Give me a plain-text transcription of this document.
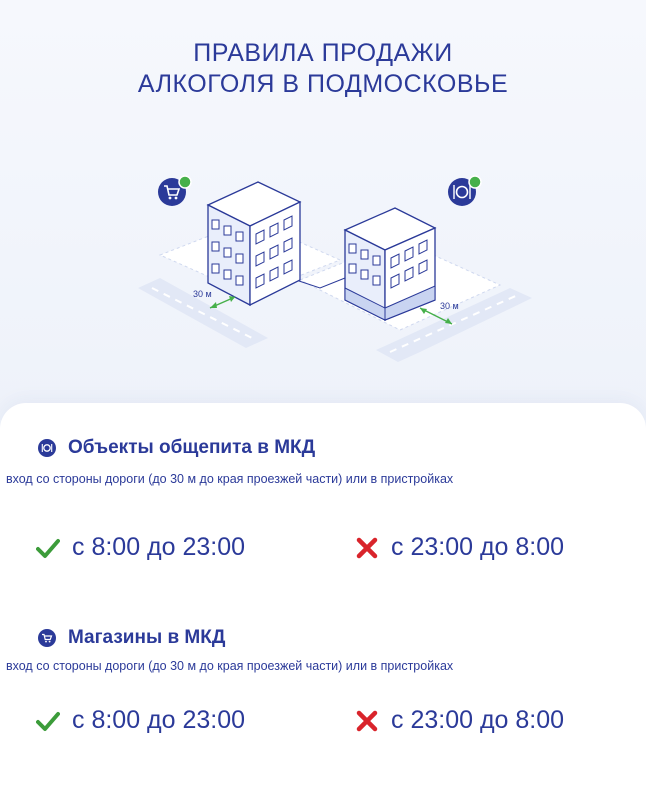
ПРАВИЛА ПРОДАЖИ
АЛКОГОЛЯ В ПОДМОСКОВЬЕ
30 м
30 м
Объекты общепита в МКД
вход со стороны дороги (до 30 м до края проезжей части) или в пристройках
с 8:00 до 23:00	с 23:00 до 8:00
Магазины в МКД
вход со стороны дороги (до 30 м до края проезжей части) или в пристройках
с 8:00 до 23:00	с 23:00 до 8:00
